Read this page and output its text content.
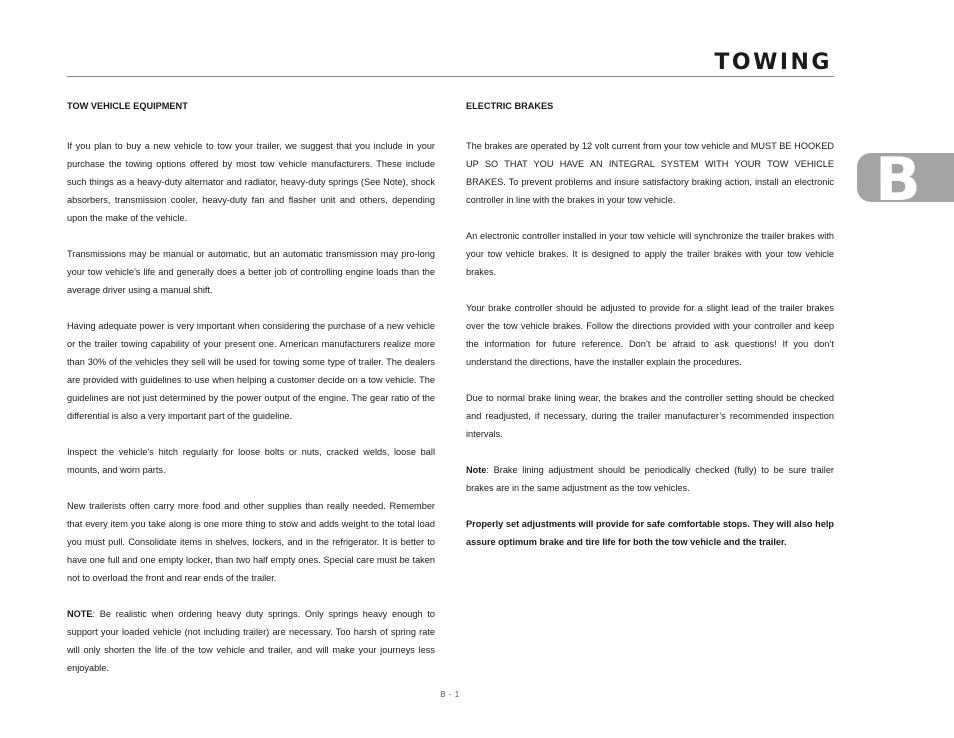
TOWING
B
TOW VEHICLE EQUIPMENT

If you plan to buy a new vehicle to tow your trailer, we suggest that you include in your purchase the towing options offered by most tow vehicle manufacturers. These include such things as a heavy-duty alternator and radiator, heavy-duty springs (See Note), shock absorbers, transmission cooler, heavy-duty fan and flasher unit and others, depending upon the make of the vehicle.

Transmissions may be manual or automatic, but an automatic transmission may pro-long your tow vehicle’s life and generally does a better job of controlling engine loads than the average driver using a manual shift.

Having adequate power is very important when considering the purchase of a new vehicle or the trailer towing capability of your present one. American manufacturers realize more than 30% of the vehicles they sell will be used for towing some type of trailer. The dealers are provided with guidelines to use when helping a customer decide on a tow vehicle. The guidelines are not just determined by the power output of the engine. The gear ratio of the differential is also a very important part of the guideline.

Inspect the vehicle’s hitch regularly for loose bolts or nuts, cracked welds, loose ball mounts, and worn parts.

New trailerists often carry more food and other supplies than really needed. Remember that every item you take along is one more thing to stow and adds weight to the total load you must pull. Consolidate items in shelves, lockers, and in the refrigerator. It is better to have one full and one empty locker, than two half empty ones. Special care must be taken not to overload the front and rear ends of the trailer.

NOTE: Be realistic when ordering heavy duty springs. Only springs heavy enough to support your loaded vehicle (not including trailer) are necessary. Too harsh of spring rate will only shorten the life of the tow vehicle and trailer, and will make your journeys less enjoyable.

ELECTRIC BRAKES

The brakes are operated by 12 volt current from your tow vehicle and MUST BE HOOKED UP SO THAT YOU HAVE AN INTEGRAL SYSTEM WITH YOUR TOW VEHICLE BRAKES. To prevent problems and insure satisfactory braking action, install an electronic controller in line with the brakes in your tow vehicle.

An electronic controller installed in your tow vehicle will synchronize the trailer brakes with your tow vehicle brakes. It is designed to apply the trailer brakes with your tow vehicle brakes.

Your brake controller should be adjusted to provide for a slight lead of the trailer brakes over the tow vehicle brakes. Follow the directions provided with your controller and keep the information for future reference. Don’t be afraid to ask questions! If you don’t understand the directions, have the installer explain the procedures.

Due to normal brake lining wear, the brakes and the controller setting should be checked and readjusted, if necessary, during the trailer manufacturer’s recommended inspection intervals.

Note: Brake lining adjustment should be periodically checked (fully) to be sure trailer brakes are in the same adjustment as the tow vehicles.

Properly set adjustments will provide for safe comfortable stops. They will also help assure optimum brake and tire life for both the tow vehicle and the trailer.

B - 1
